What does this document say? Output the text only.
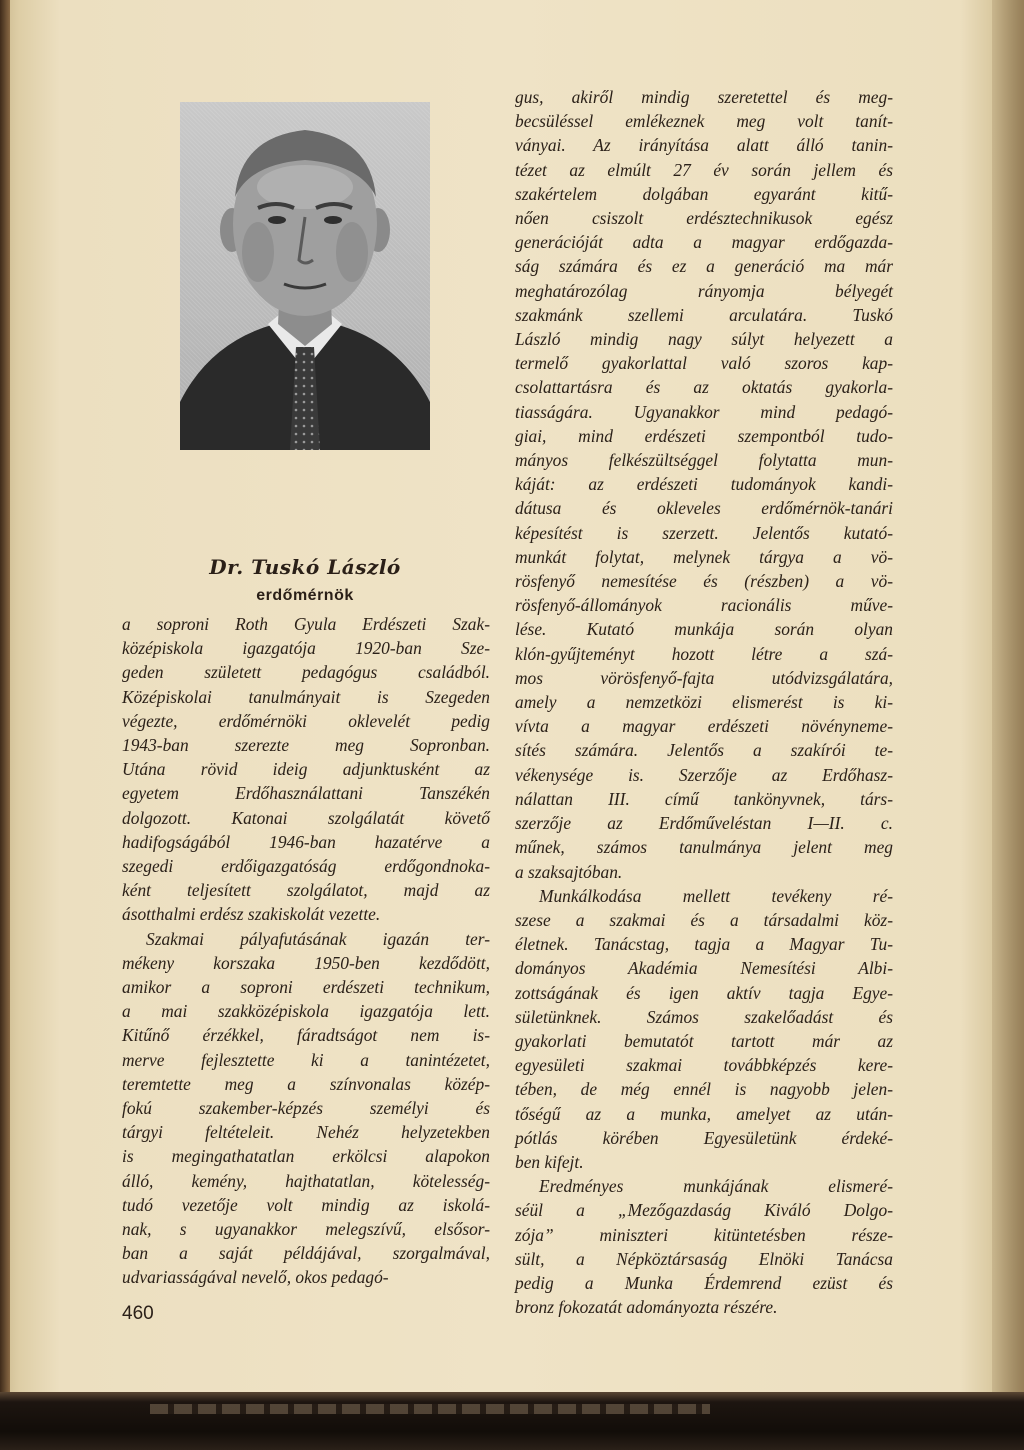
Dr. Tuskó László
erdőmérnök
a soproni Roth Gyula Erdészeti Szak-
középiskola igazgatója 1920-ban Sze-
geden született pedagógus családból.
Középiskolai tanulmányait is Szegeden
végezte, erdőmérnöki oklevelét pedig
1943-ban szerezte meg Sopronban.
Utána rövid ideig adjunktusként az
egyetem Erdőhasználattani Tanszékén
dolgozott. Katonai szolgálatát követő
hadifogságából 1946-ban hazatérve a
szegedi erdőigazgatóság erdőgondnoka-
ként teljesített szolgálatot, majd az
ásotthalmi erdész szakiskolát vezette.
Szakmai pályafutásának igazán ter-
mékeny korszaka 1950-ben kezdődött,
amikor a soproni erdészeti technikum,
a mai szakközépiskola igazgatója lett.
Kitűnő érzékkel, fáradtságot nem is-
merve fejlesztette ki a tanintézetet,
teremtette meg a színvonalas közép-
fokú szakember-képzés személyi és
tárgyi feltételeit. Nehéz helyzetekben
is megingathatatlan erkölcsi alapokon
álló, kemény, hajthatatlan, kötelesség-
tudó vezetője volt mindig az iskolá-
nak, s ugyanakkor melegszívű, elsősor-
ban a saját példájával, szorgalmával,
udvariasságával nevelő, okos pedagó-
gus, akiről mindig szeretettel és meg-
becsüléssel emlékeznek meg volt tanít-
ványai. Az irányítása alatt álló tanin-
tézet az elmúlt 27 év során jellem és
szakértelem dolgában egyaránt kitű-
nően csiszolt erdésztechnikusok egész
generációját adta a magyar erdőgazda-
ság számára és ez a generáció ma már
meghatározólag rányomja bélyegét
szakmánk szellemi arculatára. Tuskó
László mindig nagy súlyt helyezett a
termelő gyakorlattal való szoros kap-
csolattartásra és az oktatás gyakorla-
tiasságára. Ugyanakkor mind pedagó-
giai, mind erdészeti szempontból tudo-
mányos felkészültséggel folytatta mun-
káját: az erdészeti tudományok kandi-
dátusa és okleveles erdőmérnök-tanári
képesítést is szerzett. Jelentős kutató-
munkát folytat, melynek tárgya a vö-
rösfenyő nemesítése és (részben) a vö-
rösfenyő-állományok racionális műve-
lése. Kutató munkája során olyan
klón-gyűjteményt hozott létre a szá-
mos vörösfenyő-fajta utódvizsgálatára,
amely a nemzetközi elismerést is ki-
vívta a magyar erdészeti növényneme-
sítés számára. Jelentős a szakírói te-
vékenysége is. Szerzője az Erdőhasz-
nálattan III. című tankönyvnek, társ-
szerzője az Erdőműveléstan I—II. c.
műnek, számos tanulmánya jelent meg
a szaksajtóban.
Munkálkodása mellett tevékeny ré-
szese a szakmai és a társadalmi köz-
életnek. Tanácstag, tagja a Magyar Tu-
dományos Akadémia Nemesítési Albi-
zottságának és igen aktív tagja Egye-
sületünknek. Számos szakelőadást és
gyakorlati bemutatót tartott már az
egyesületi szakmai továbbképzés kere-
tében, de még ennél is nagyobb jelen-
tőségű az a munka, amelyet az után-
pótlás körében Egyesületünk érdeké-
ben kifejt.
Eredményes munkájának elismeré-
séül a „Mezőgazdaság Kiváló Dolgo-
zója” miniszteri kitüntetésben része-
sült, a Népköztársaság Elnöki Tanácsa
pedig a Munka Érdemrend ezüst és
bronz fokozatát adományozta részére.
460
